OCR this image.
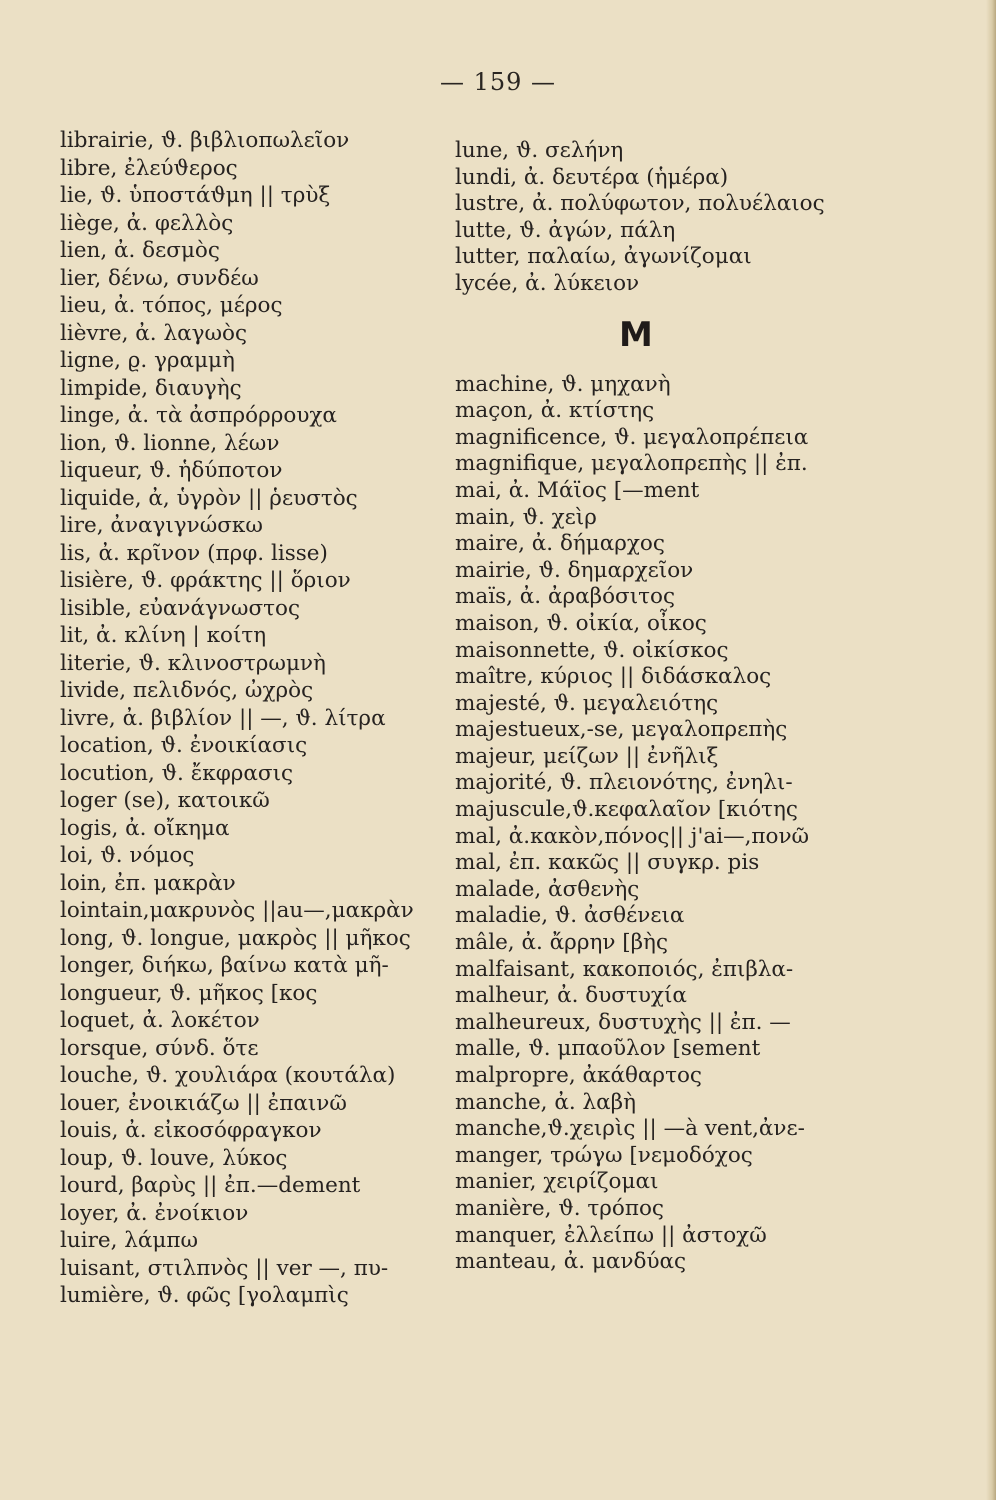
— 159 —
librairie, ϑ. βιβλιοπωλεῖον
libre, ἐλεύϑερος
lie, ϑ. ὑποστάϑμη || τρὺξ
liège, ἀ. φελλὸς
lien, ἀ. δεσμὸς
lier, δένω, συνδέω
lieu, ἀ. τόπος, μέρος
lièvre, ἀ. λαγωὸς
ligne, ϱ. γραμμὴ
limpide, διαυγὴς
linge, ἀ. τὰ ἀσπρόρρουχα
lion, ϑ. lionne, λέων
liqueur, ϑ. ἡδύποτον
liquide, ἀ, ὑγρὸν || ῥευστὸς
lire, ἀναγιγνώσκω
lis, ἀ. κρῖνον (πρφ. lisse)
lisière, ϑ. φράκτης || ὅριον
lisible, εὐανάγνωστος
lit, ἀ. κλίνη | κοίτη
literie, ϑ. κλινοστρωμνὴ
livide, πελιδνός, ὠχρὸς
livre, ἀ. βιβλίον || —, ϑ. λίτρα
location, ϑ. ἐνοικίασις
locution, ϑ. ἔκφρασις
loger (se), κατοικῶ
logis, ἀ. οἴκημα
loi, ϑ. νόμος
loin, ἐπ. μακρὰν
lointain,μακρυνὸς ||au—,μακρὰν
long, ϑ. longue, μακρὸς || μῆκος
longer, διήκω, βαίνω κατὰ μῆ-
longueur, ϑ. μῆκος [κος
loquet, ἀ. λοκέτον
lorsque, σύνδ. ὅτε
louche, ϑ. χουλιάρα (κουτάλα)
louer, ἐνοικιάζω || ἐπαινῶ
louis, ἀ. εἰκοσόφραγκον
loup, ϑ. louve, λύκος
lourd, βαρὺς || ἐπ.—dement
loyer, ἀ. ἐνοίκιον
luire, λάμπω
luisant, στιλπνὸς || ver —, πυ-
lumière, ϑ. φῶς [γολαμπὶς
lune, ϑ. σελήνη
lundi, ἀ. δευτέρα (ἡμέρα)
lustre, ἀ. πολύφωτον, πολυέλαιος
lutte, ϑ. ἀγών, πάλη
lutter, παλαίω, ἀγωνίζομαι
lycée, ἀ. λύκειον
M
machine, ϑ. μηχανὴ
maçon, ἀ. κτίστης
magnificence, ϑ. μεγαλοπρέπεια
magnifique, μεγαλοπρεπὴς || ἐπ.
mai, ἀ. Μάϊος [—ment
main, ϑ. χεὶρ
maire, ἀ. δήμαρχος
mairie, ϑ. δημαρχεῖον
maïs, ἀ. ἀραβόσιτος
maison, ϑ. οἰκία, οἶκος
maisonnette, ϑ. οἰκίσκος
maître, κύριος || διδάσκαλος
majesté, ϑ. μεγαλειότης
majestueux,-se, μεγαλοπρεπὴς
majeur, μείζων || ἐνῆλιξ
majorité, ϑ. πλειονότης, ἐνηλι-
majuscule,ϑ.κεφαλαῖον [κιότης
mal, ἀ.κακὸν,πόνος|| j'ai—,πονῶ
mal, ἐπ. κακῶς || συγκρ. pis
malade, ἀσθενὴς
maladie, ϑ. ἀσθένεια
mâle, ἀ. ἄρρην [βὴς
malfaisant, κακοποιός, ἐπιβλα-
malheur, ἀ. δυστυχία
malheureux, δυστυχὴς || ἐπ. —
malle, ϑ. μπαοῦλον [sement
malpropre, ἀκάθαρτος
manche, ἀ. λαβὴ
manche,ϑ.χειρὶς || —à vent,ἀνε-
manger, τρώγω [νεμοδόχος
manier, χειρίζομαι
manière, ϑ. τρόπος
manquer, ἐλλείπω || ἀστοχῶ
manteau, ἀ. μανδύας
